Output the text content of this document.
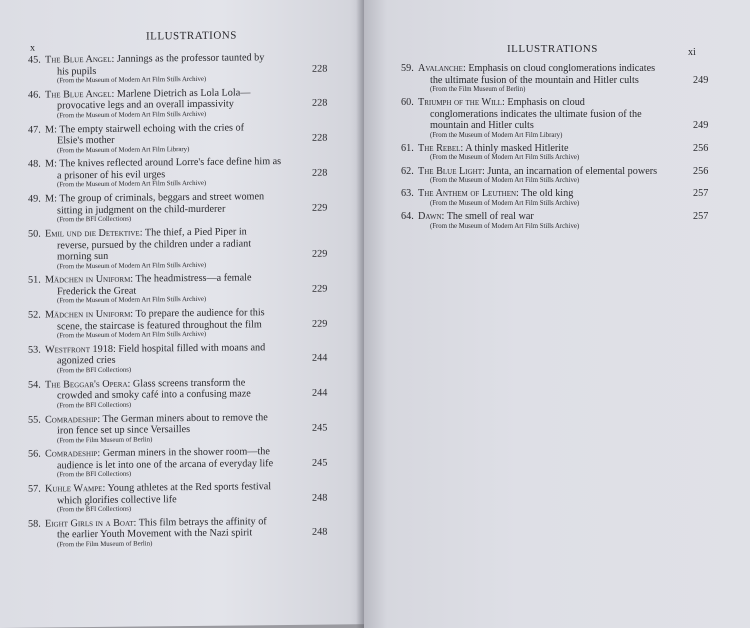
ILLUSTRATIONS
x
45. The Blue Angel: Jannings as the professor taunted by
his pupils
(From the Museum of Modern Art Film Stills Archive)
228
46. The Blue Angel: Marlene Dietrich as Lola Lola—
provocative legs and an overall impassivity
(From the Museum of Modern Art Film Stills Archive)
228
47. M: The empty stairwell echoing with the cries of
Elsie's mother
(From the Museum of Modern Art Film Library)
228
48. M: The knives reflected around Lorre's face define him as
a prisoner of his evil urges
(From the Museum of Modern Art Film Stills Archive)
228
49. M: The group of criminals, beggars and street women
sitting in judgment on the child-murderer
(From the BFI Collections)
229
50. Emil und die Detektive: The thief, a Pied Piper in
reverse, pursued by the children under a radiant
morning sun
(From the Museum of Modern Art Film Stills Archive)
229
51. Mädchen in Uniform: The headmistress—a female
Frederick the Great
(From the Museum of Modern Art Film Stills Archive)
229
52. Mädchen in Uniform: To prepare the audience for this
scene, the staircase is featured throughout the film
(From the Museum of Modern Art Film Stills Archive)
229
53. Westfront 1918: Field hospital filled with moans and
agonized cries
(From the BFI Collections)
244
54. The Beggar's Opera: Glass screens transform the
crowded and smoky café into a confusing maze
(From the BFI Collections)
244
55. Comradeship: The German miners about to remove the
iron fence set up since Versailles
(From the Film Museum of Berlin)
245
56. Comradeship: German miners in the shower room—the
audience is let into one of the arcana of everyday life
(From the BFI Collections)
245
57. Kuhle Wampe: Young athletes at the Red sports festival
which glorifies collective life
(From the BFI Collections)
248
58. Eight Girls in a Boat: This film betrays the affinity of
the earlier Youth Movement with the Nazi spirit
(From the Film Museum of Berlin)
248
ILLUSTRATIONS	xi
59. Avalanche: Emphasis on cloud conglomerations indicates
the ultimate fusion of the mountain and Hitler cults
(From the Film Museum of Berlin)
249
60. Triumph of the Will: Emphasis on cloud
conglomerations indicates the ultimate fusion of the
mountain and Hitler cults
(From the Museum of Modern Art Film Library)
249
61. The Rebel: A thinly masked Hitlerite
(From the Museum of Modern Art Film Stills Archive)
256
62. The Blue Light: Junta, an incarnation of elemental powers
(From the Museum of Modern Art Film Stills Archive)
256
63. The Anthem of Leuthen: The old king
(From the Museum of Modern Art Film Stills Archive)
257
64. Dawn: The smell of real war
(From the Museum of Modern Art Film Stills Archive)
257
